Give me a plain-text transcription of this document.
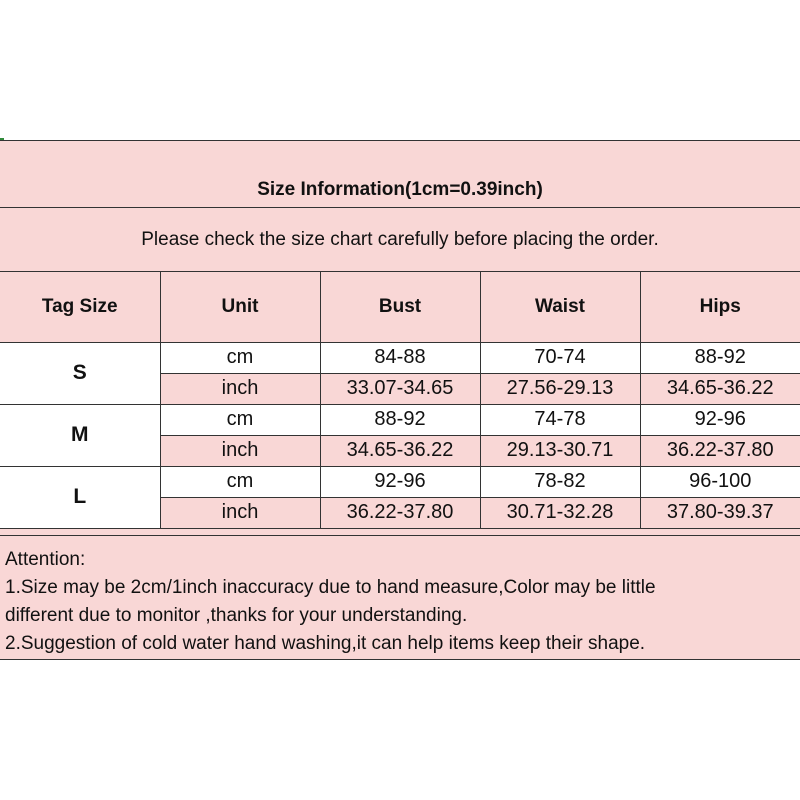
Size Information(1cm=0.39inch)
Please check the size chart carefully before placing the order.
Tag Size	Unit	Bust	Waist	Hips
S	cm	84-88	70-74	88-92
	inch	33.07-34.65	27.56-29.13	34.65-36.22
M	cm	88-92	74-78	92-96
	inch	34.65-36.22	29.13-30.71	36.22-37.80
L	cm	92-96	78-82	96-100
	inch	36.22-37.80	30.71-32.28	37.80-39.37
Attention:
1.Size may be 2cm/1inch inaccuracy due to hand measure,Color may be little
different due to monitor ,thanks for your understanding.
2.Suggestion of cold water hand washing,it can help items keep their shape.
